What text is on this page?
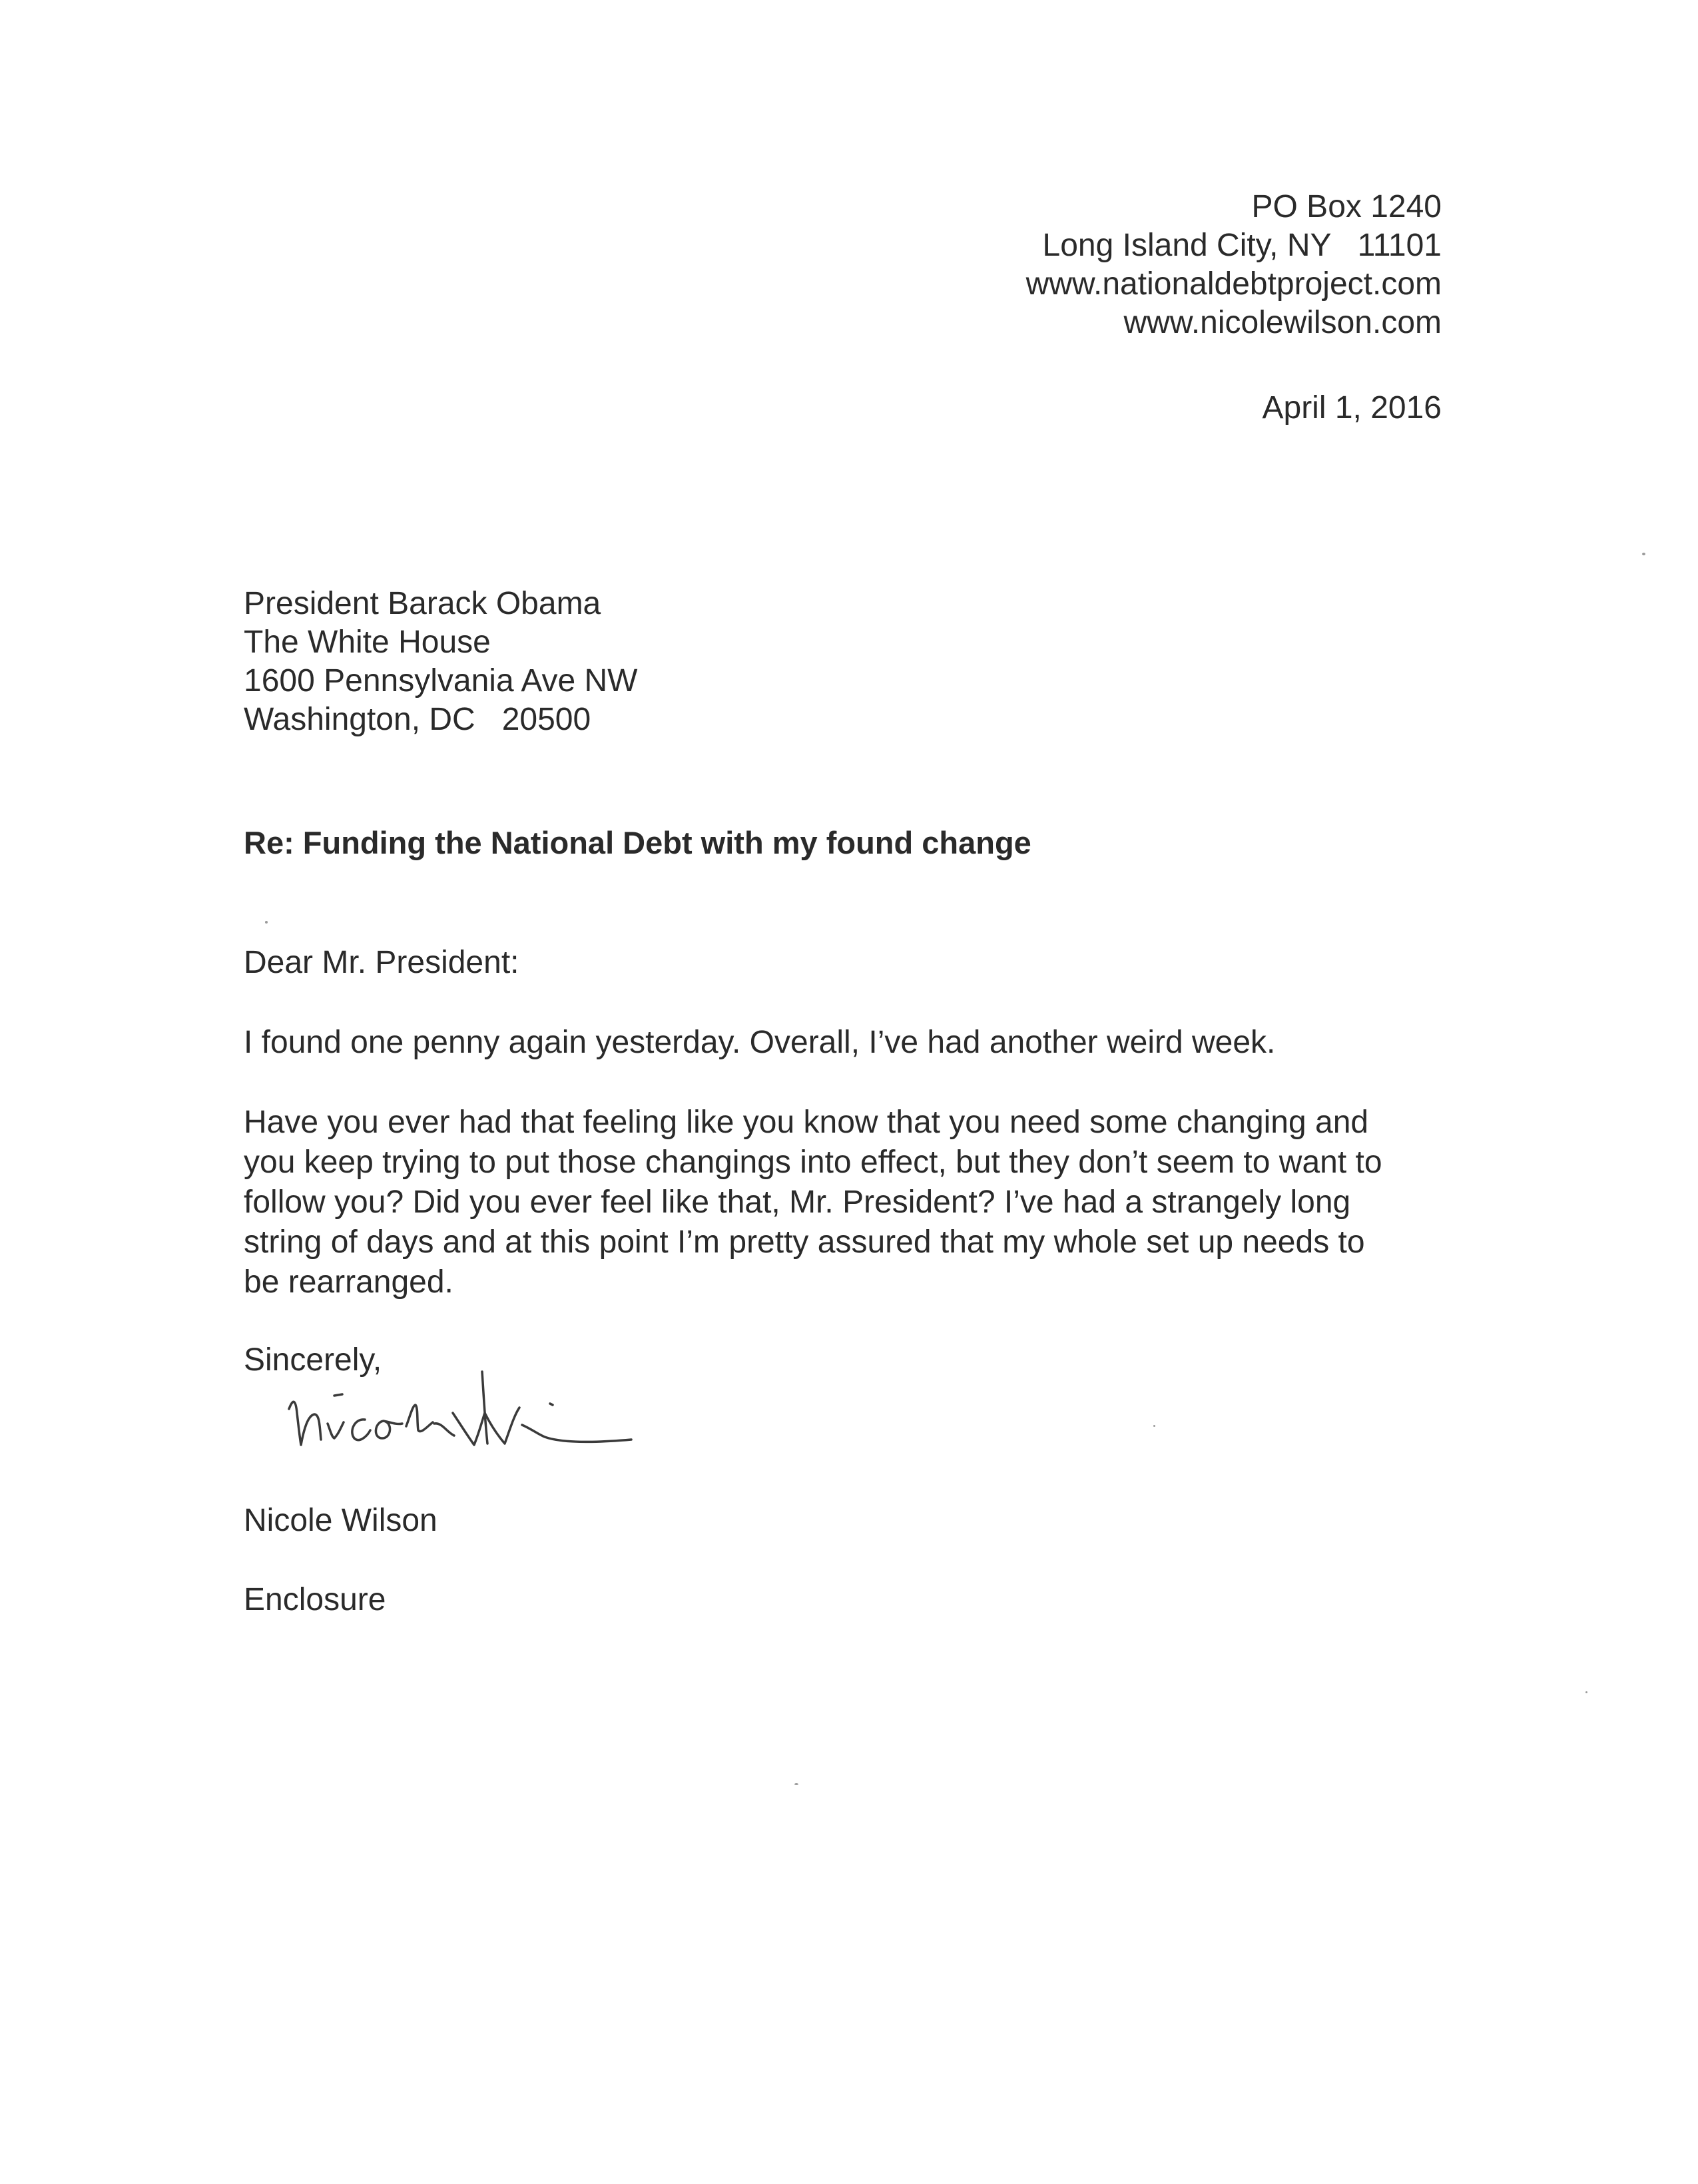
PO Box 1240
Long Island City, NY   11101
www.nationaldebtproject.com
www.nicolewilson.com
April 1, 2016
President Barack Obama
The White House
1600 Pennsylvania Ave NW
Washington, DC   20500
Re: Funding the National Debt with my found change
Dear Mr. President:
I found one penny again yesterday. Overall, I’ve had another weird week.
Have you ever had that feeling like you know that you need some changing and
you keep trying to put those changings into effect, but they don’t seem to want to
follow you? Did you ever feel like that, Mr. President? I’ve had a strangely long
string of days and at this point I’m pretty assured that my whole set up needs to
be rearranged.
Sincerely,
Nicole Wilson
Enclosure
